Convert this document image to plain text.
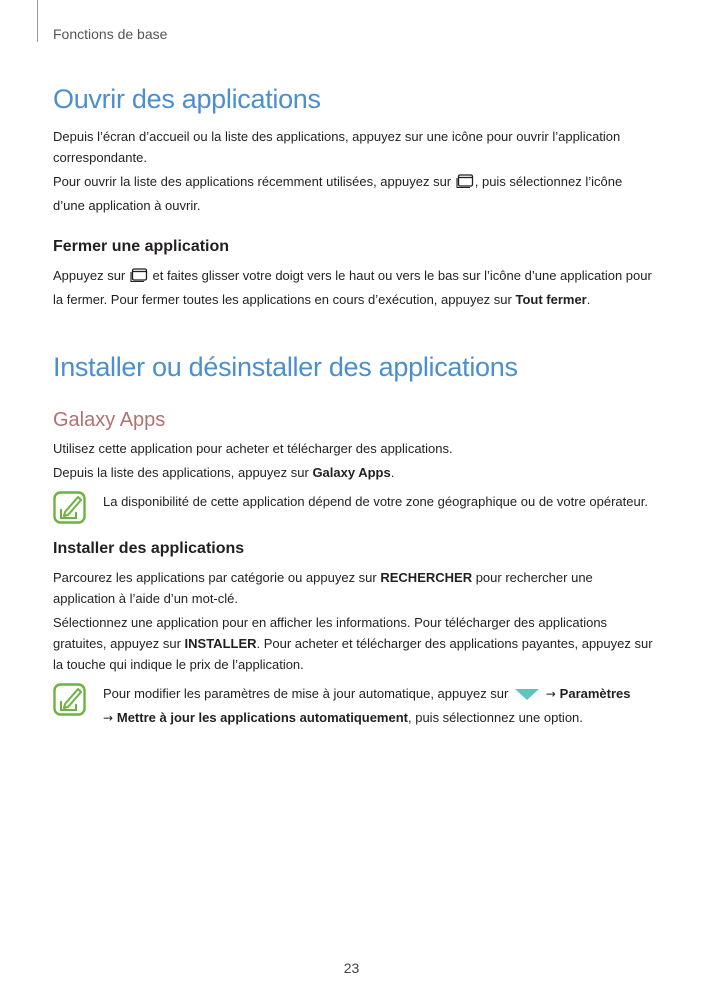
Fonctions de base
Ouvrir des applications

Depuis l’écran d’accueil ou la liste des applications, appuyez sur une icône pour ouvrir l’application correspondante.

Pour ouvrir la liste des applications récemment utilisées, appuyez sur , puis sélectionnez l’icône d’une application à ouvrir.

Fermer une application

Appuyez sur  et faites glisser votre doigt vers le haut ou vers le bas sur l’icône d’une application pour la fermer. Pour fermer toutes les applications en cours d’exécution, appuyez sur Tout fermer.

Installer ou désinstaller des applications
Galaxy Apps

Utilisez cette application pour acheter et télécharger des applications.

Depuis la liste des applications, appuyez sur Galaxy Apps.

La disponibilité de cette application dépend de votre zone géographique ou de votre opérateur.

Installer des applications

Parcourez les applications par catégorie ou appuyez sur RECHERCHER pour rechercher une application à l’aide d’un mot-clé.

Sélectionnez une application pour en afficher les informations. Pour télécharger des applications gratuites, appuyez sur INSTALLER. Pour acheter et télécharger des applications payantes, appuyez sur la touche qui indique le prix de l’application.

Pour modifier les paramètres de mise à jour automatique, appuyez sur	→ Paramètres
→ Mettre à jour les applications automatiquement, puis sélectionnez une option.

23
